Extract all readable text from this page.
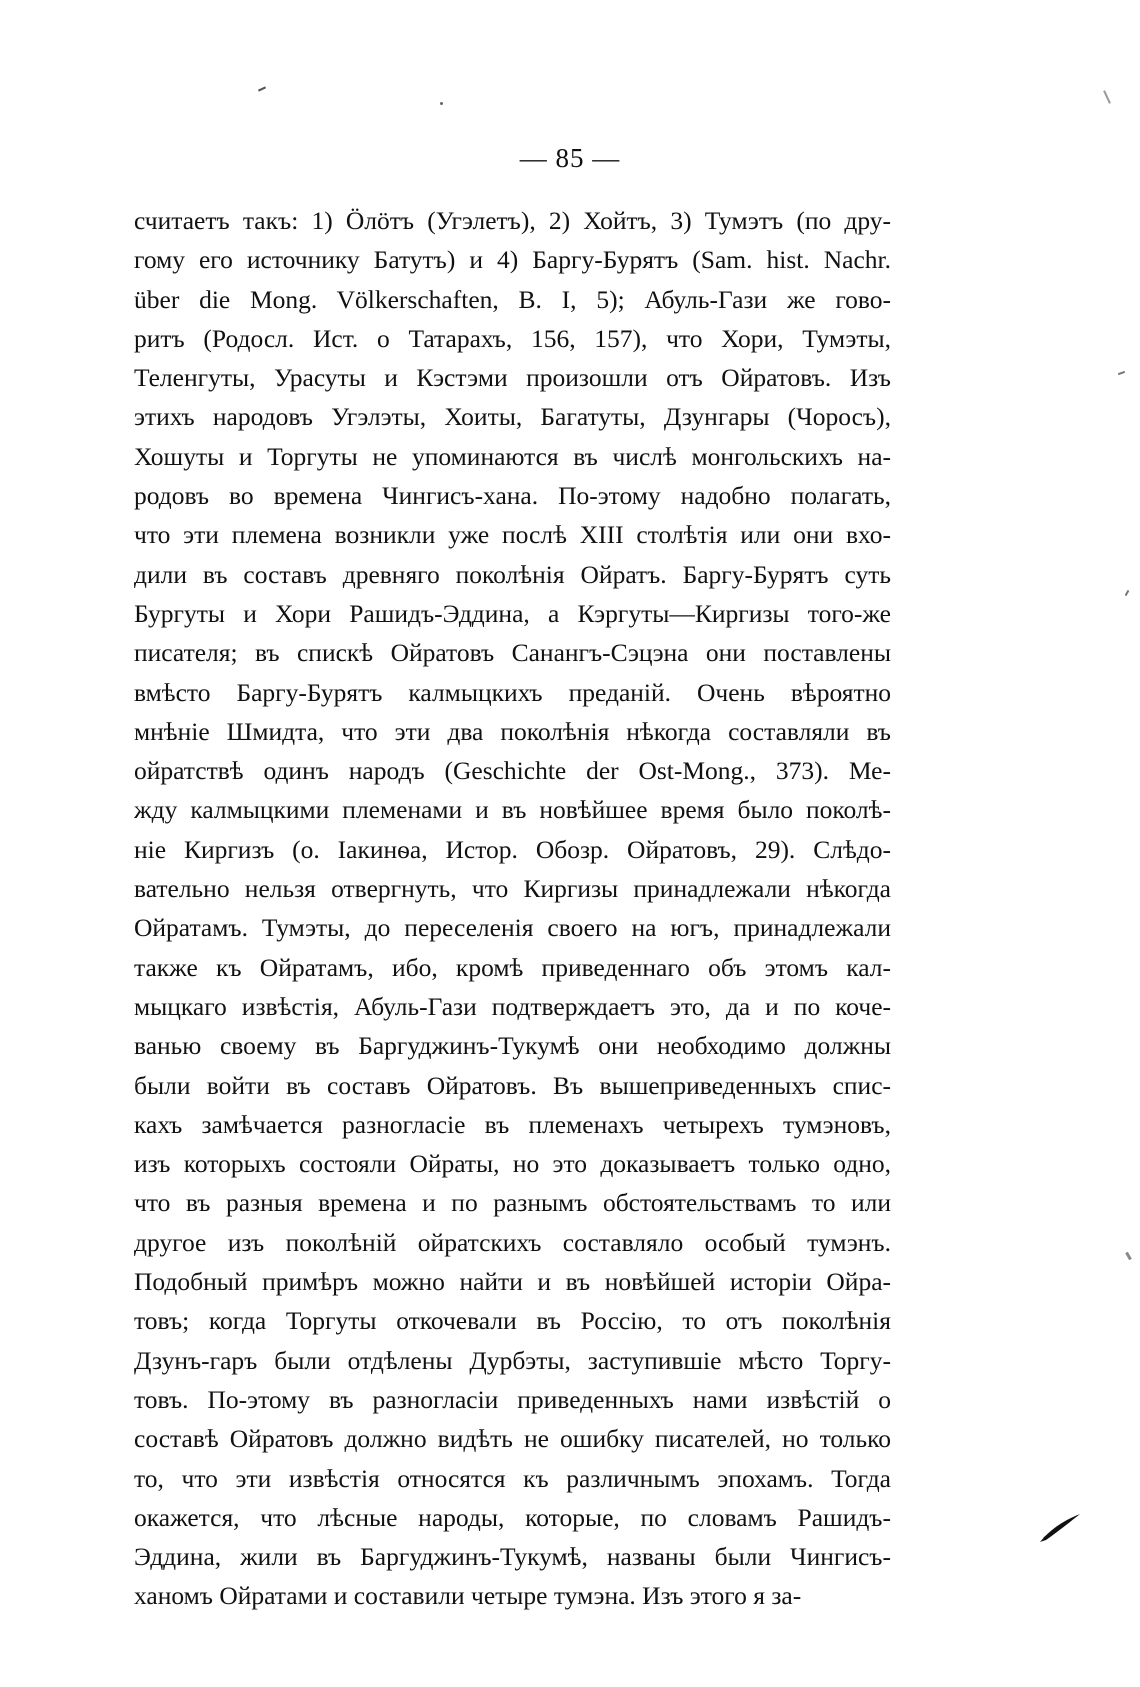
— 85 —
считаетъ такъ: 1) Ӧлӧтъ (Угэлетъ), 2) Хойтъ, 3) Тумэтъ (по дру-
гому его источнику Батутъ) и 4) Баргу-Бурятъ (Sam. hist. Nachr.
über die Mong. Völkerschaften, B. I, 5); Абуль-Гази же гово-
ритъ (Родосл. Ист. о Татарахъ, 156, 157), что Хори, Тумэты,
Теленгуты, Урасуты и Кэстэми произошли отъ Ойратовъ. Изъ
этихъ народовъ Угэлэты, Хоиты, Багатуты, Дзунгары (Чоросъ),
Хошуты и Торгуты не упоминаются въ числѣ монгольскихъ на-
родовъ во времена Чингисъ-хана. По-этому надобно полагать,
что эти племена возникли уже послѣ XIII столѣтія или они вхо-
дили въ составъ древняго поколѣнія Ойратъ. Баргу-Бурятъ суть
Бургуты и Хори Рашидъ-Эддина, а Кэргуты—Киргизы того-же
писателя; въ спискѣ Ойратовъ Санангъ-Сэцэна они поставлены
вмѣсто Баргу-Бурятъ калмыцкихъ преданій. Очень вѣроятно
мнѣніе Шмидта, что эти два поколѣнія нѣкогда составляли въ
ойратствѣ одинъ народъ (Geschichte der Ost-Mong., 373). Ме-
жду калмыцкими племенами и въ новѣйшее время было поколѣ-
ніе Киргизъ (о. Іакинѳа, Истор. Обозр. Ойратовъ, 29). Слѣдо-
вательно нельзя отвергнуть, что Киргизы принадлежали нѣкогда
Ойратамъ. Тумэты, до переселенія своего на югъ, принадлежали
также къ Ойратамъ, ибо, кромѣ приведеннаго объ этомъ кал-
мыцкаго извѣстія, Абуль-Гази подтверждаетъ это, да и по коче-
ванью своему въ Баргуджинъ-Тукумѣ они необходимо должны
были войти въ составъ Ойратовъ. Въ вышеприведенныхъ спис-
кахъ замѣчается разногласіе въ племенахъ четырехъ тумэновъ,
изъ которыхъ состояли Ойраты, но это доказываетъ только одно,
что въ разныя времена и по разнымъ обстоятельствамъ то или
другое изъ поколѣній ойратскихъ составляло особый тумэнъ.
Подобный примѣръ можно найти и въ новѣйшей исторіи Ойра-
товъ; когда Торгуты откочевали въ Россію, то отъ поколѣнія
Дзунъ-гаръ были отдѣлены Дурбэты, заступившіе мѣсто Торгу-
товъ. По-этому въ разногласіи приведенныхъ нами извѣстій о
составѣ Ойратовъ должно видѣть не ошибку писателей, но только
то, что эти извѣстія относятся къ различнымъ эпохамъ. Тогда
окажется, что лѣсные народы, которые, по словамъ Рашидъ-
Эддина, жили въ Баргуджинъ-Тукумѣ, названы были Чингисъ-
ханомъ Ойратами и составили четыре тумэна. Изъ этого я за-
